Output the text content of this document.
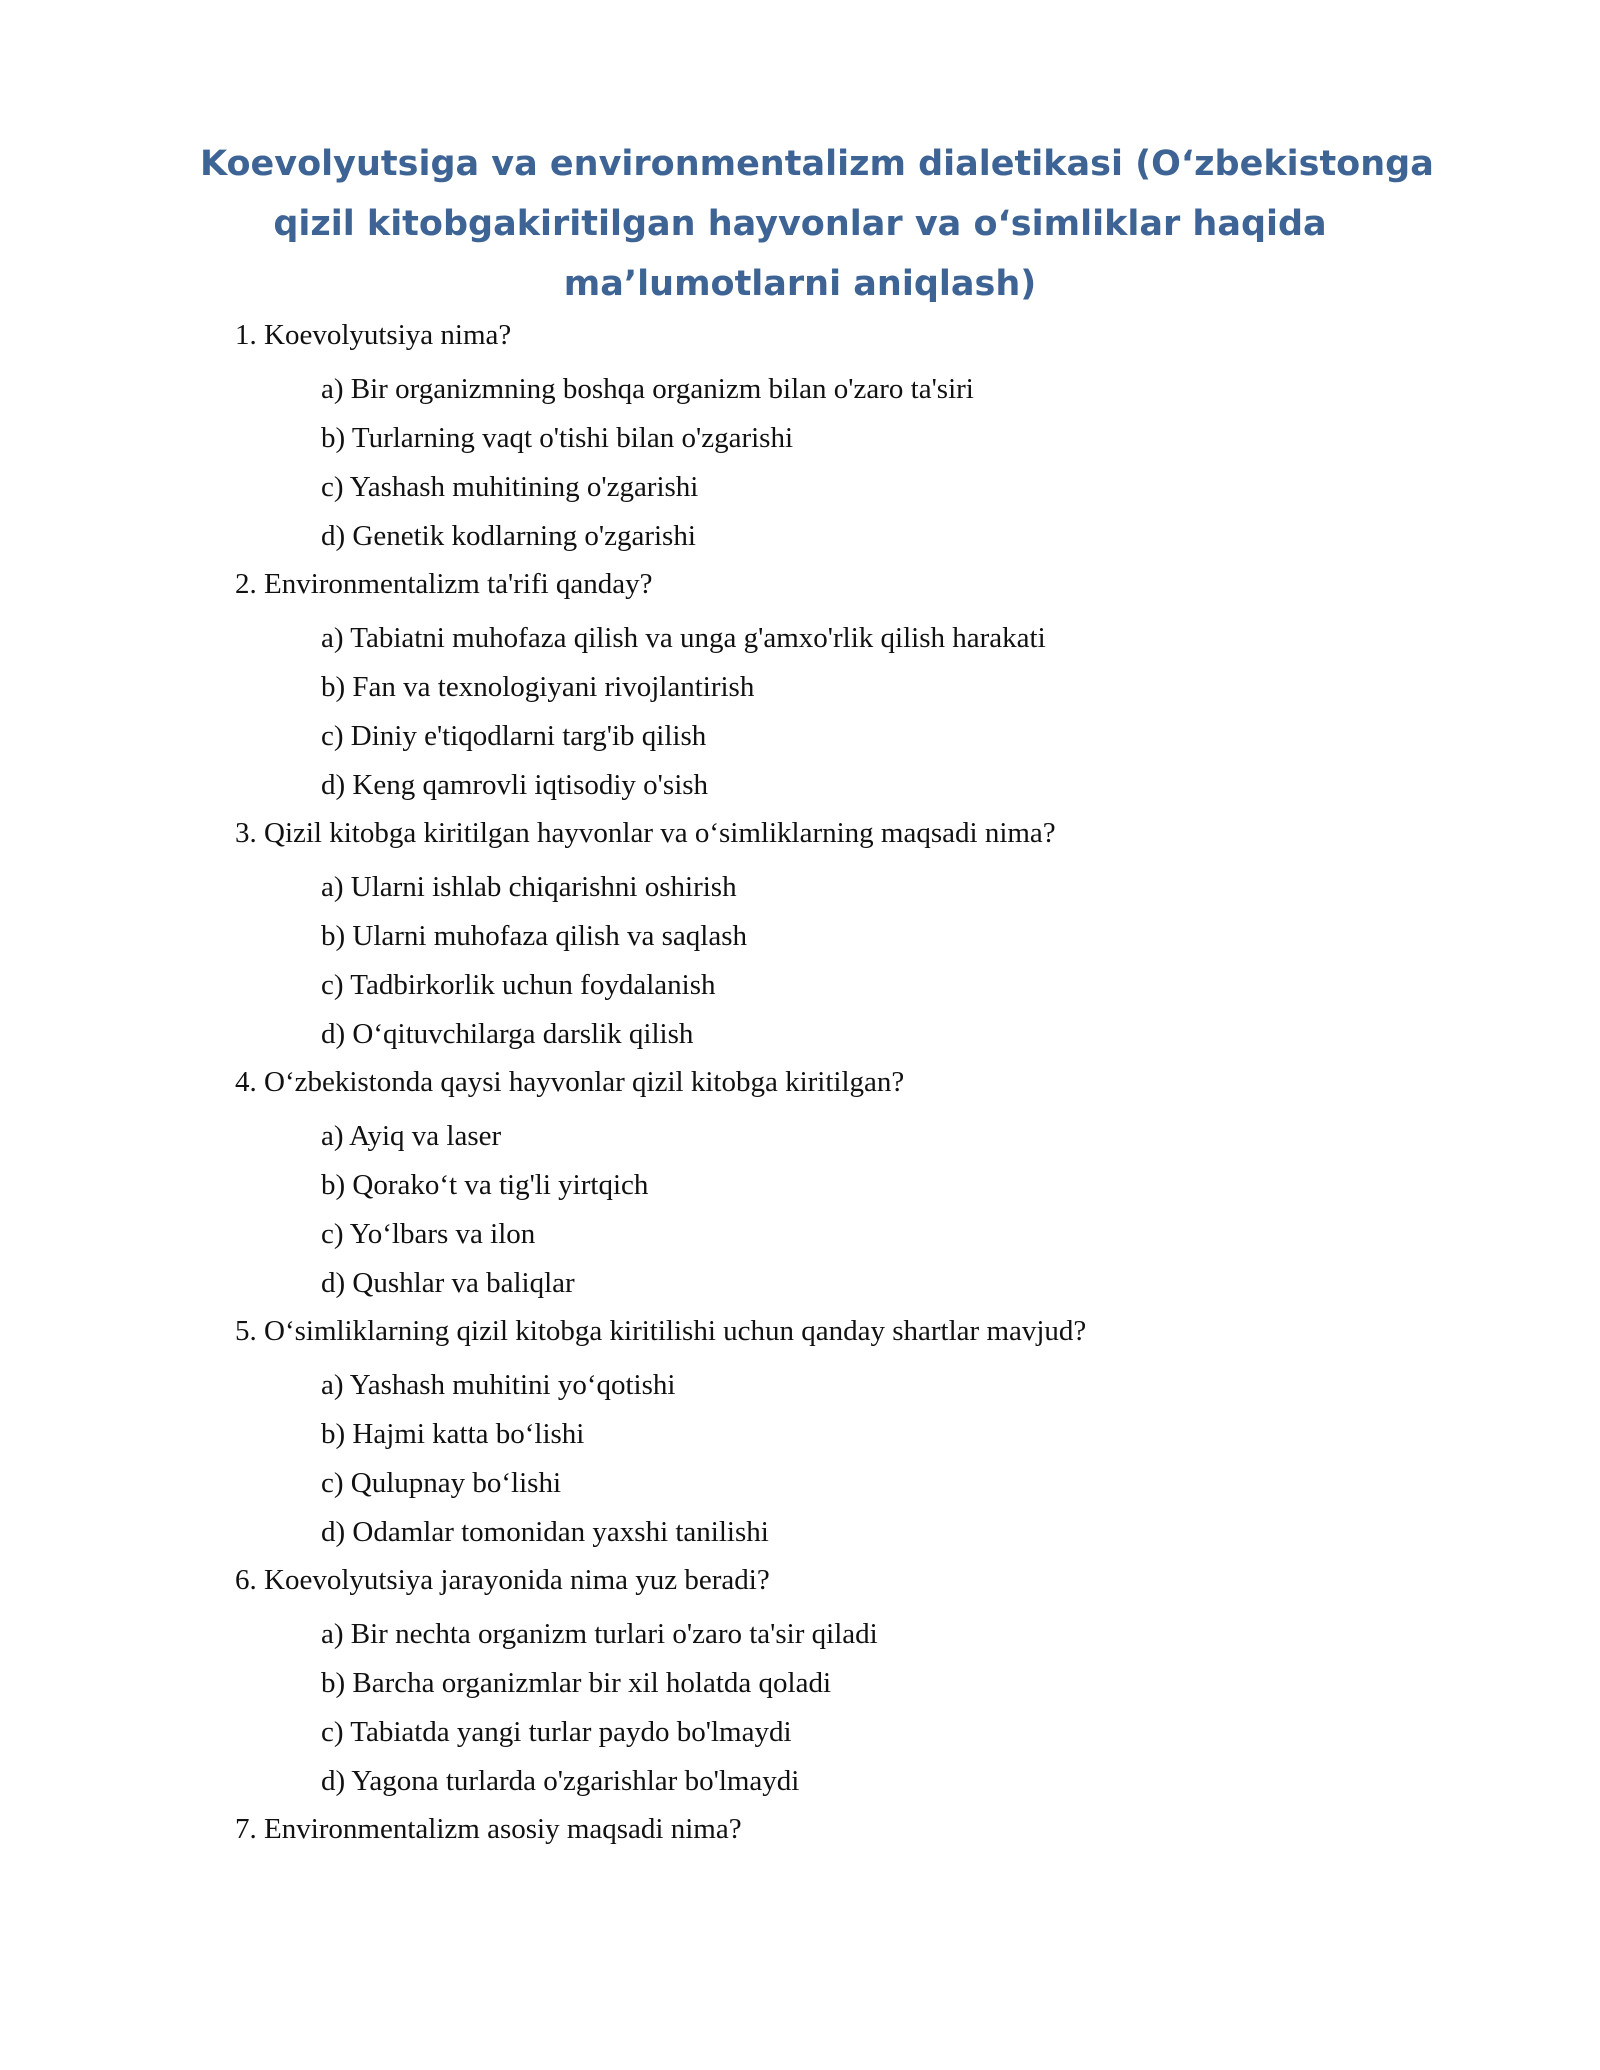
Koevolyutsiga va environmentalizm dialetikasi (O‘zbekistonga
qizil kitobgakiritilgan hayvonlar va o‘simliklar haqida
ma’lumotlarni aniqlash)
1. Koevolyutsiya nima?
a) Bir organizmning boshqa organizm bilan o'zaro ta'siri
b) Turlarning vaqt o'tishi bilan o'zgarishi
c) Yashash muhitining o'zgarishi
d) Genetik kodlarning o'zgarishi
2. Environmentalizm ta'rifi qanday?
a) Tabiatni muhofaza qilish va unga g'amxo'rlik qilish harakati
b) Fan va texnologiyani rivojlantirish
c) Diniy e'tiqodlarni targ'ib qilish
d) Keng qamrovli iqtisodiy o'sish
3. Qizil kitobga kiritilgan hayvonlar va o‘simliklarning maqsadi nima?
a) Ularni ishlab chiqarishni oshirish
b) Ularni muhofaza qilish va saqlash
c) Tadbirkorlik uchun foydalanish
d) O‘qituvchilarga darslik qilish
4. O‘zbekistonda qaysi hayvonlar qizil kitobga kiritilgan?
a) Ayiq va laser
b) Qorako‘t va tig'li yirtqich
c) Yo‘lbars va ilon
d) Qushlar va baliqlar
5. O‘simliklarning qizil kitobga kiritilishi uchun qanday shartlar mavjud?
a) Yashash muhitini yo‘qotishi
b) Hajmi katta bo‘lishi
c) Qulupnay bo‘lishi
d) Odamlar tomonidan yaxshi tanilishi
6. Koevolyutsiya jarayonida nima yuz beradi?
a) Bir nechta organizm turlari o'zaro ta'sir qiladi
b) Barcha organizmlar bir xil holatda qoladi
c) Tabiatda yangi turlar paydo bo'lmaydi
d) Yagona turlarda o'zgarishlar bo'lmaydi
7. Environmentalizm asosiy maqsadi nima?
